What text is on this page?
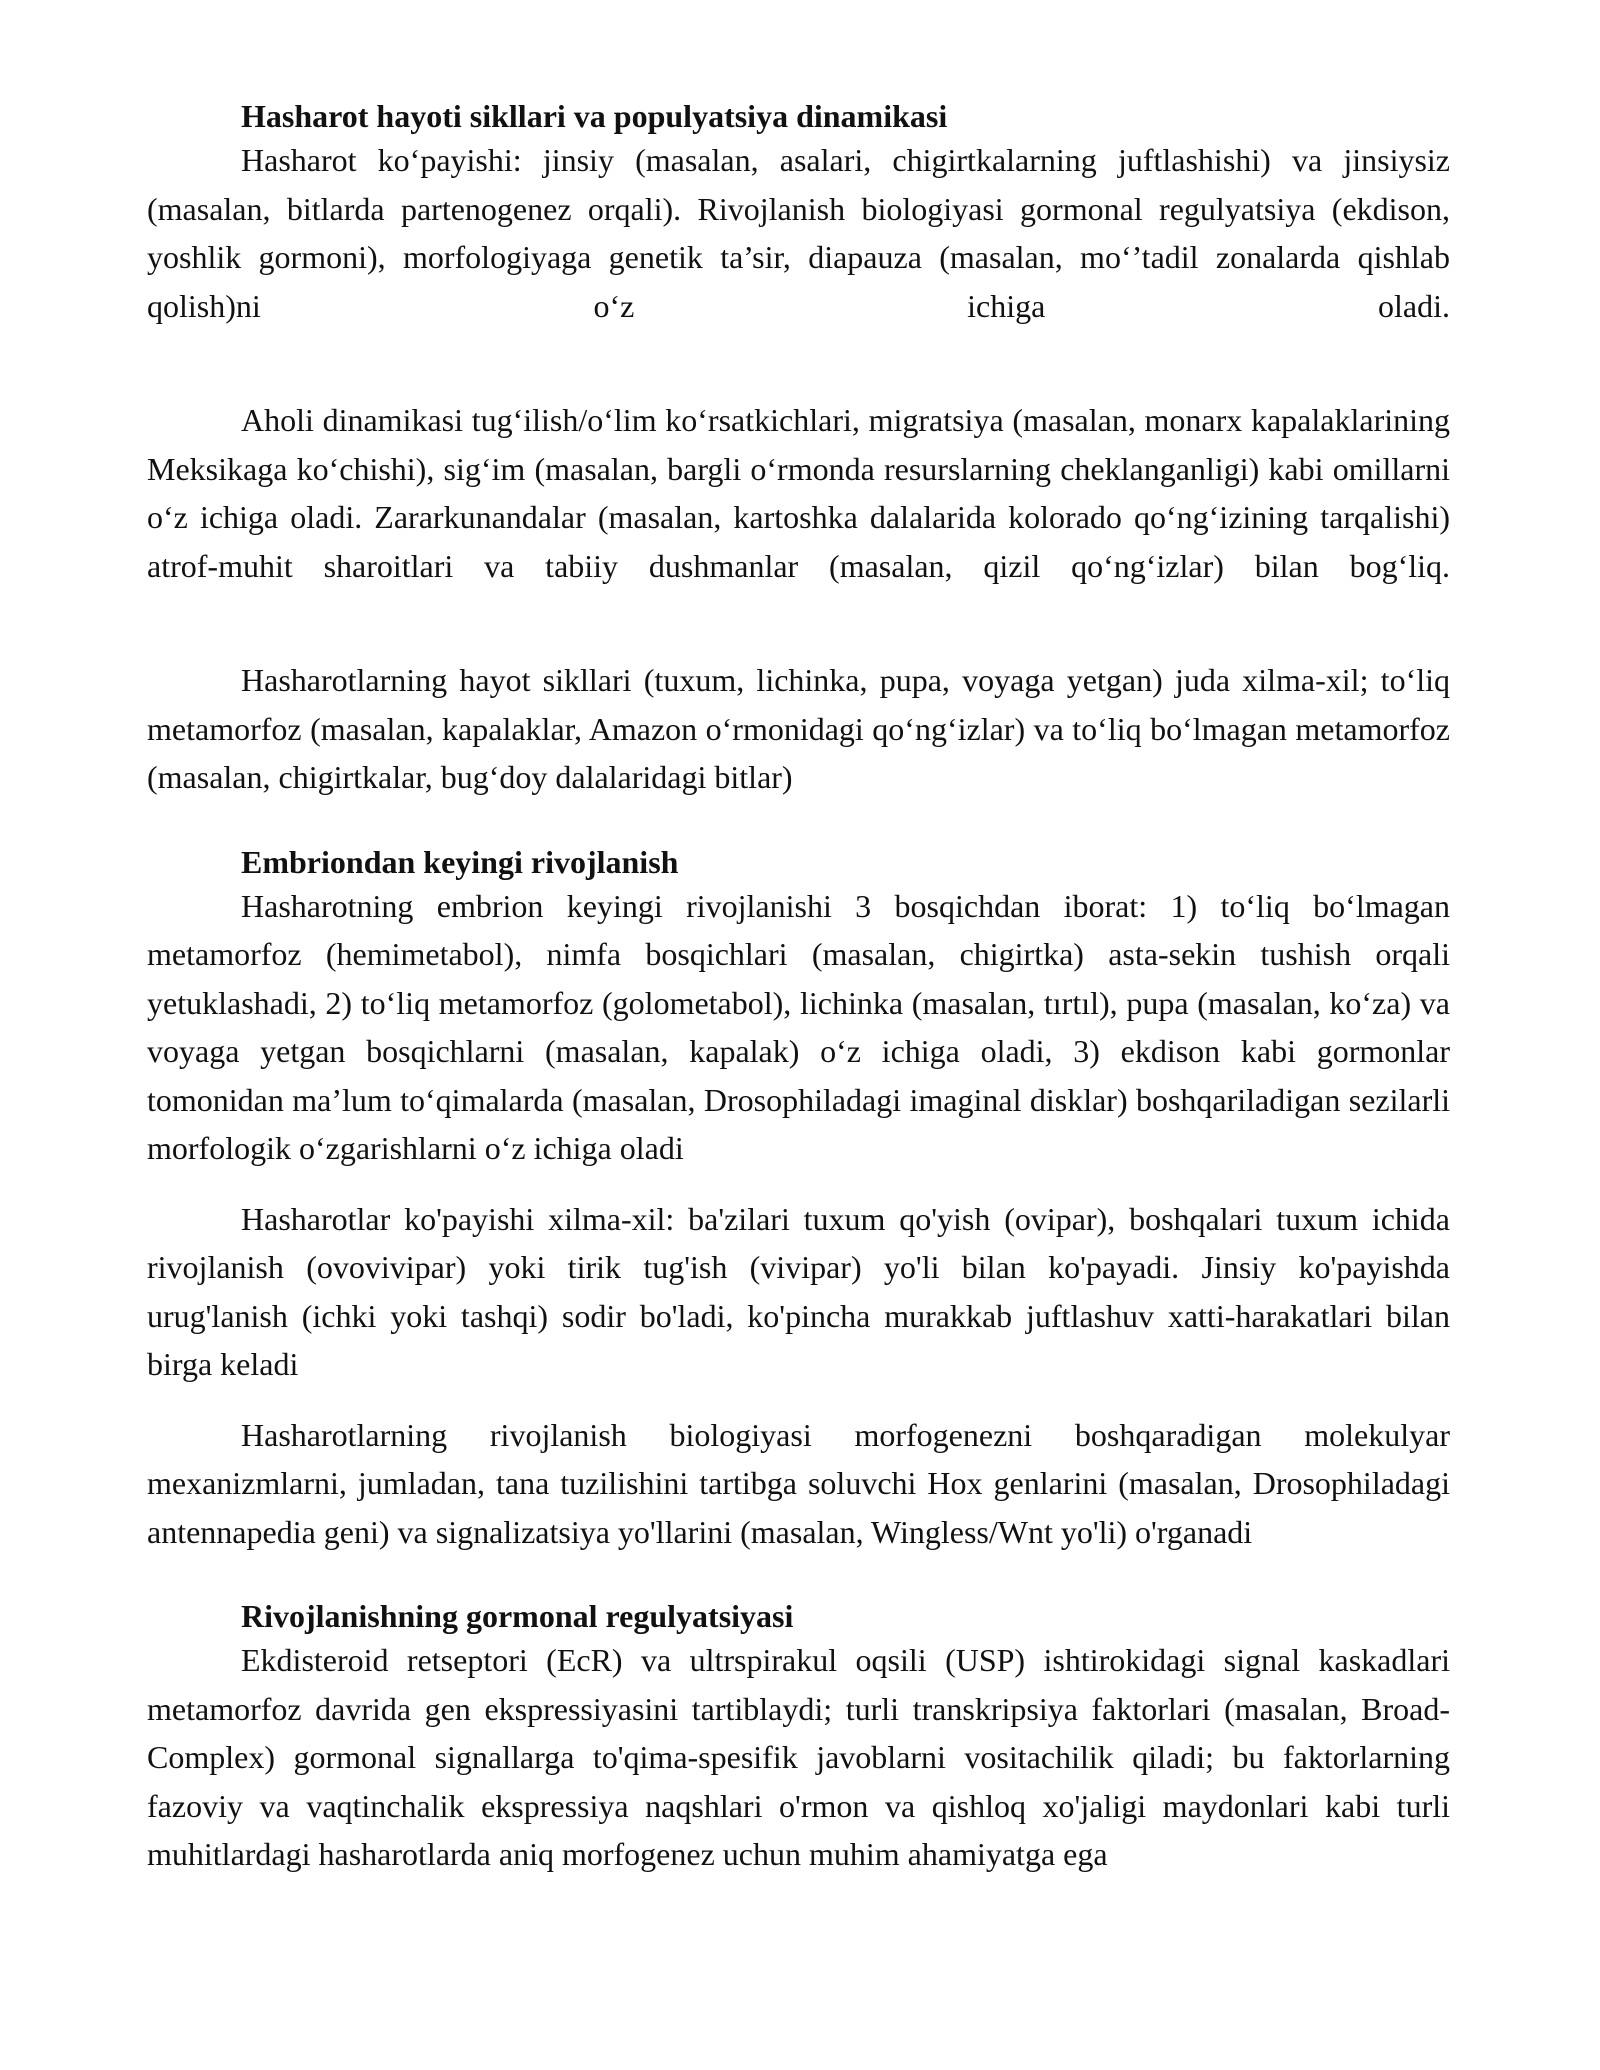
Hasharot hayoti sikllari va populyatsiya dinamikasi

Hasharot ko‘payishi: jinsiy (masalan, asalari, chigirtkalarning juftlashishi) va jinsiysiz (masalan, bitlarda partenogenez orqali). Rivojlanish biologiyasi gormonal regulyatsiya (ekdison, yoshlik gormoni), morfologiyaga genetik ta’sir, diapauza (masalan, mo‘’tadil zonalarda qishlab qolish)ni o‘z ichiga oladi.

Aholi dinamikasi tug‘ilish/o‘lim ko‘rsatkichlari, migratsiya (masalan, monarx kapalaklarining Meksikaga ko‘chishi), sig‘im (masalan, bargli o‘rmonda resurslarning cheklanganligi) kabi omillarni o‘z ichiga oladi. Zararkunandalar (masalan, kartoshka dalalarida kolorado qo‘ng‘izining tarqalishi) atrof-muhit sharoitlari va tabiiy dushmanlar (masalan, qizil qo‘ng‘izlar) bilan bog‘liq.

Hasharotlarning hayot sikllari (tuxum, lichinka, pupa, voyaga yetgan) juda xilma-xil; to‘liq metamorfoz (masalan, kapalaklar, Amazon o‘rmonidagi qo‘ng‘izlar) va to‘liq bo‘lmagan metamorfoz (masalan, chigirtkalar, bug‘doy dalalaridagi bitlar)

Embriondan keyingi rivojlanish

Hasharotning embrion keyingi rivojlanishi 3 bosqichdan iborat: 1) to‘liq bo‘lmagan metamorfoz (hemimetabol), nimfa bosqichlari (masalan, chigirtka) asta-sekin tushish orqali yetuklashadi, 2) to‘liq metamorfoz (golometabol), lichinka (masalan, tırtıl), pupa (masalan, ko‘za) va voyaga yetgan bosqichlarni (masalan, kapalak) o‘z ichiga oladi, 3) ekdison kabi gormonlar tomonidan ma’lum to‘qimalarda (masalan, Drosophiladagi imaginal disklar) boshqariladigan sezilarli morfologik o‘zgarishlarni o‘z ichiga oladi

Hasharotlar ko'payishi xilma-xil: ba'zilari tuxum qo'yish (ovipar), boshqalari tuxum ichida rivojlanish (ovovivipar) yoki tirik tug'ish (vivipar) yo'li bilan ko'payadi. Jinsiy ko'payishda urug'lanish (ichki yoki tashqi) sodir bo'ladi, ko'pincha murakkab juftlashuv xatti-harakatlari bilan birga keladi

Hasharotlarning rivojlanish biologiyasi morfogenezni boshqaradigan molekulyar mexanizmlarni, jumladan, tana tuzilishini tartibga soluvchi Hox genlarini (masalan, Drosophiladagi antennapedia geni) va signalizatsiya yo'llarini (masalan, Wingless/Wnt yo'li) o'rganadi

Rivojlanishning gormonal regulyatsiyasi

Ekdisteroid retseptori (EcR) va ultrspirakul oqsili (USP) ishtirokidagi signal kaskadlari metamorfoz davrida gen ekspressiyasini tartiblaydi; turli transkripsiya faktorlari (masalan, Broad-Complex) gormonal signallarga to'qima-spesifik javoblarni vositachilik qiladi; bu faktorlarning fazoviy va vaqtinchalik ekspressiya naqshlari o'rmon va qishloq xo'jaligi maydonlari kabi turli muhitlardagi hasharotlarda aniq morfogenez uchun muhim ahamiyatga ega
